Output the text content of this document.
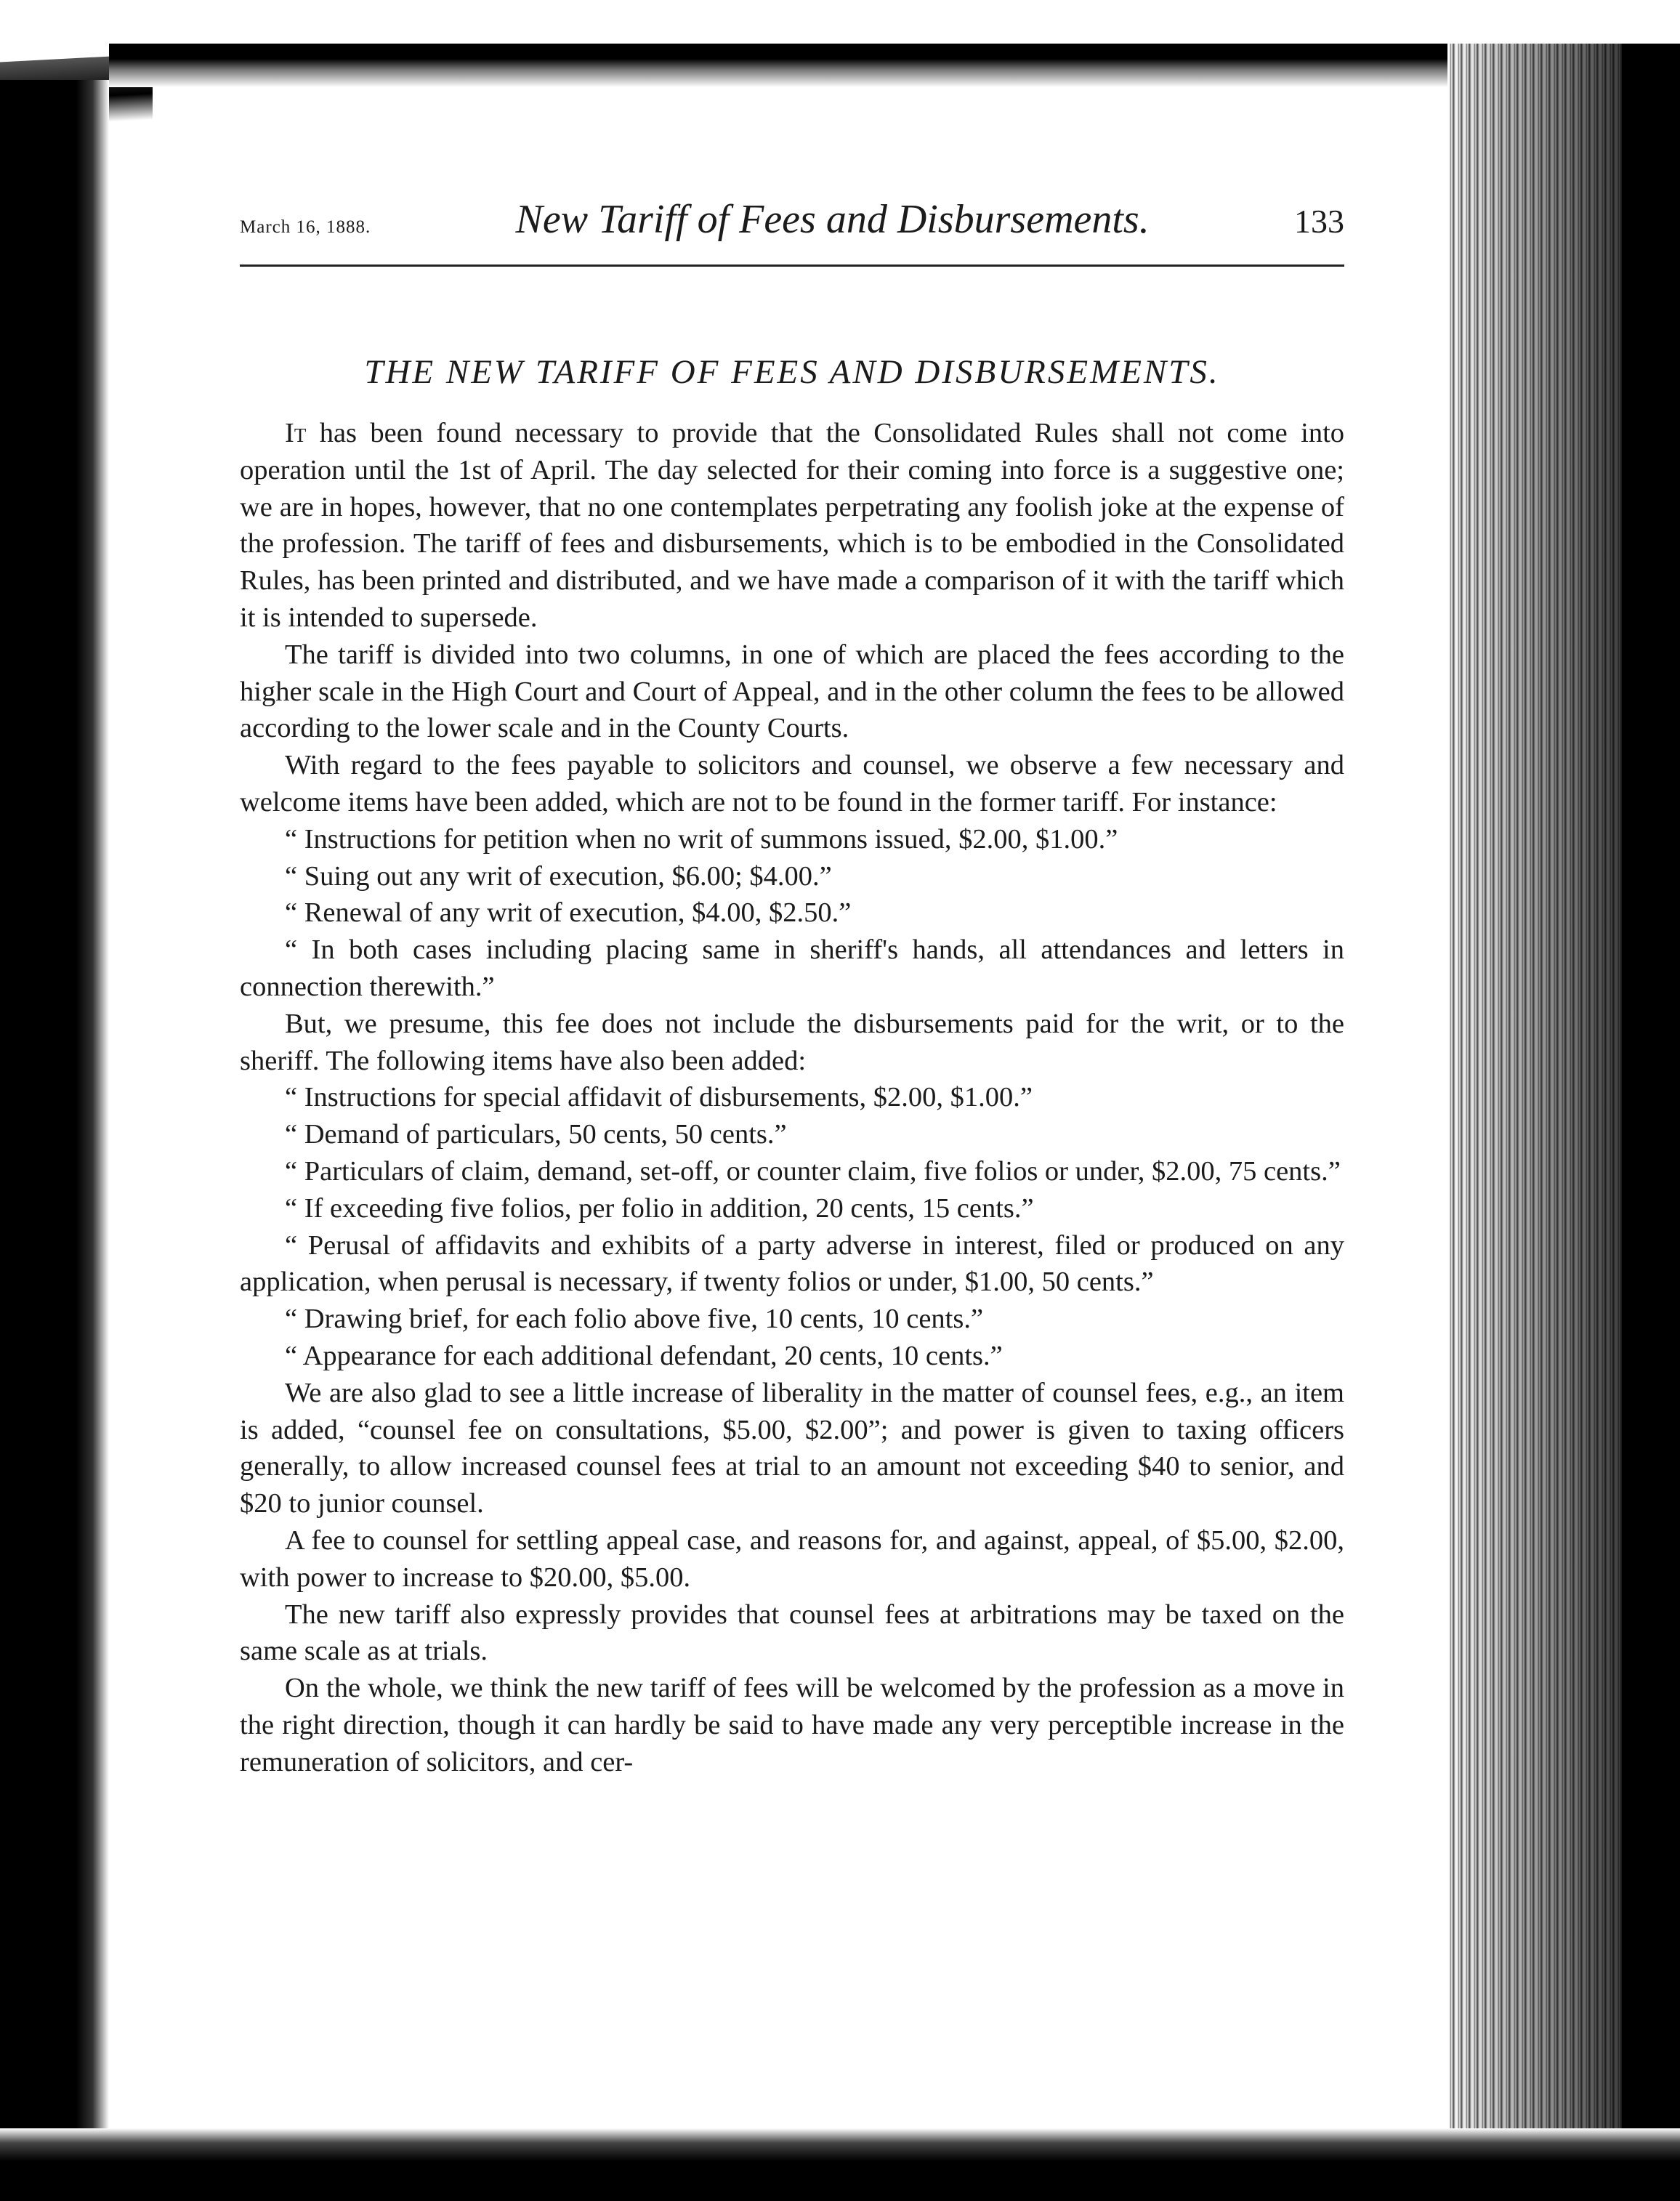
March 16, 1888.	New Tariff of Fees and Disbursements.	133
THE NEW TARIFF OF FEES AND DISBURSEMENTS.

It has been found necessary to provide that the Consolidated Rules shall not come into operation until the 1st of April. The day selected for their coming into force is a suggestive one; we are in hopes, however, that no one contemplates perpetrating any foolish joke at the expense of the profession. The tariff of fees and disbursements, which is to be embodied in the Consolidated Rules, has been printed and distributed, and we have made a comparison of it with the tariff which it is intended to supersede.

The tariff is divided into two columns, in one of which are placed the fees according to the higher scale in the High Court and Court of Appeal, and in the other column the fees to be allowed according to the lower scale and in the County Courts.

With regard to the fees payable to solicitors and counsel, we observe a few necessary and welcome items have been added, which are not to be found in the former tariff. For instance:

“ Instructions for petition when no writ of summons issued, $2.00, $1.00.”

“ Suing out any writ of execution, $6.00; $4.00.”

“ Renewal of any writ of execution, $4.00, $2.50.”

“ In both cases including placing same in sheriff's hands, all attendances and letters in connection therewith.”

But, we presume, this fee does not include the disbursements paid for the writ, or to the sheriff. The following items have also been added:

“ Instructions for special affidavit of disbursements, $2.00, $1.00.”

“ Demand of particulars, 50 cents, 50 cents.”

“ Particulars of claim, demand, set-off, or counter claim, five folios or under, $2.00, 75 cents.”

“ If exceeding five folios, per folio in addition, 20 cents, 15 cents.”

“ Perusal of affidavits and exhibits of a party adverse in interest, filed or produced on any application, when perusal is necessary, if twenty folios or under, $1.00, 50 cents.”

“ Drawing brief, for each folio above five, 10 cents, 10 cents.”

“ Appearance for each additional defendant, 20 cents, 10 cents.”

We are also glad to see a little increase of liberality in the matter of counsel fees, e.g., an item is added, “counsel fee on consultations, $5.00, $2.00”; and power is given to taxing officers generally, to allow increased counsel fees at trial to an amount not exceeding $40 to senior, and $20 to junior counsel.

A fee to counsel for settling appeal case, and reasons for, and against, appeal, of $5.00, $2.00, with power to increase to $20.00, $5.00.

The new tariff also expressly provides that counsel fees at arbitrations may be taxed on the same scale as at trials.

On the whole, we think the new tariff of fees will be welcomed by the profession as a move in the right direction, though it can hardly be said to have made any very perceptible increase in the remuneration of solicitors, and cer-
